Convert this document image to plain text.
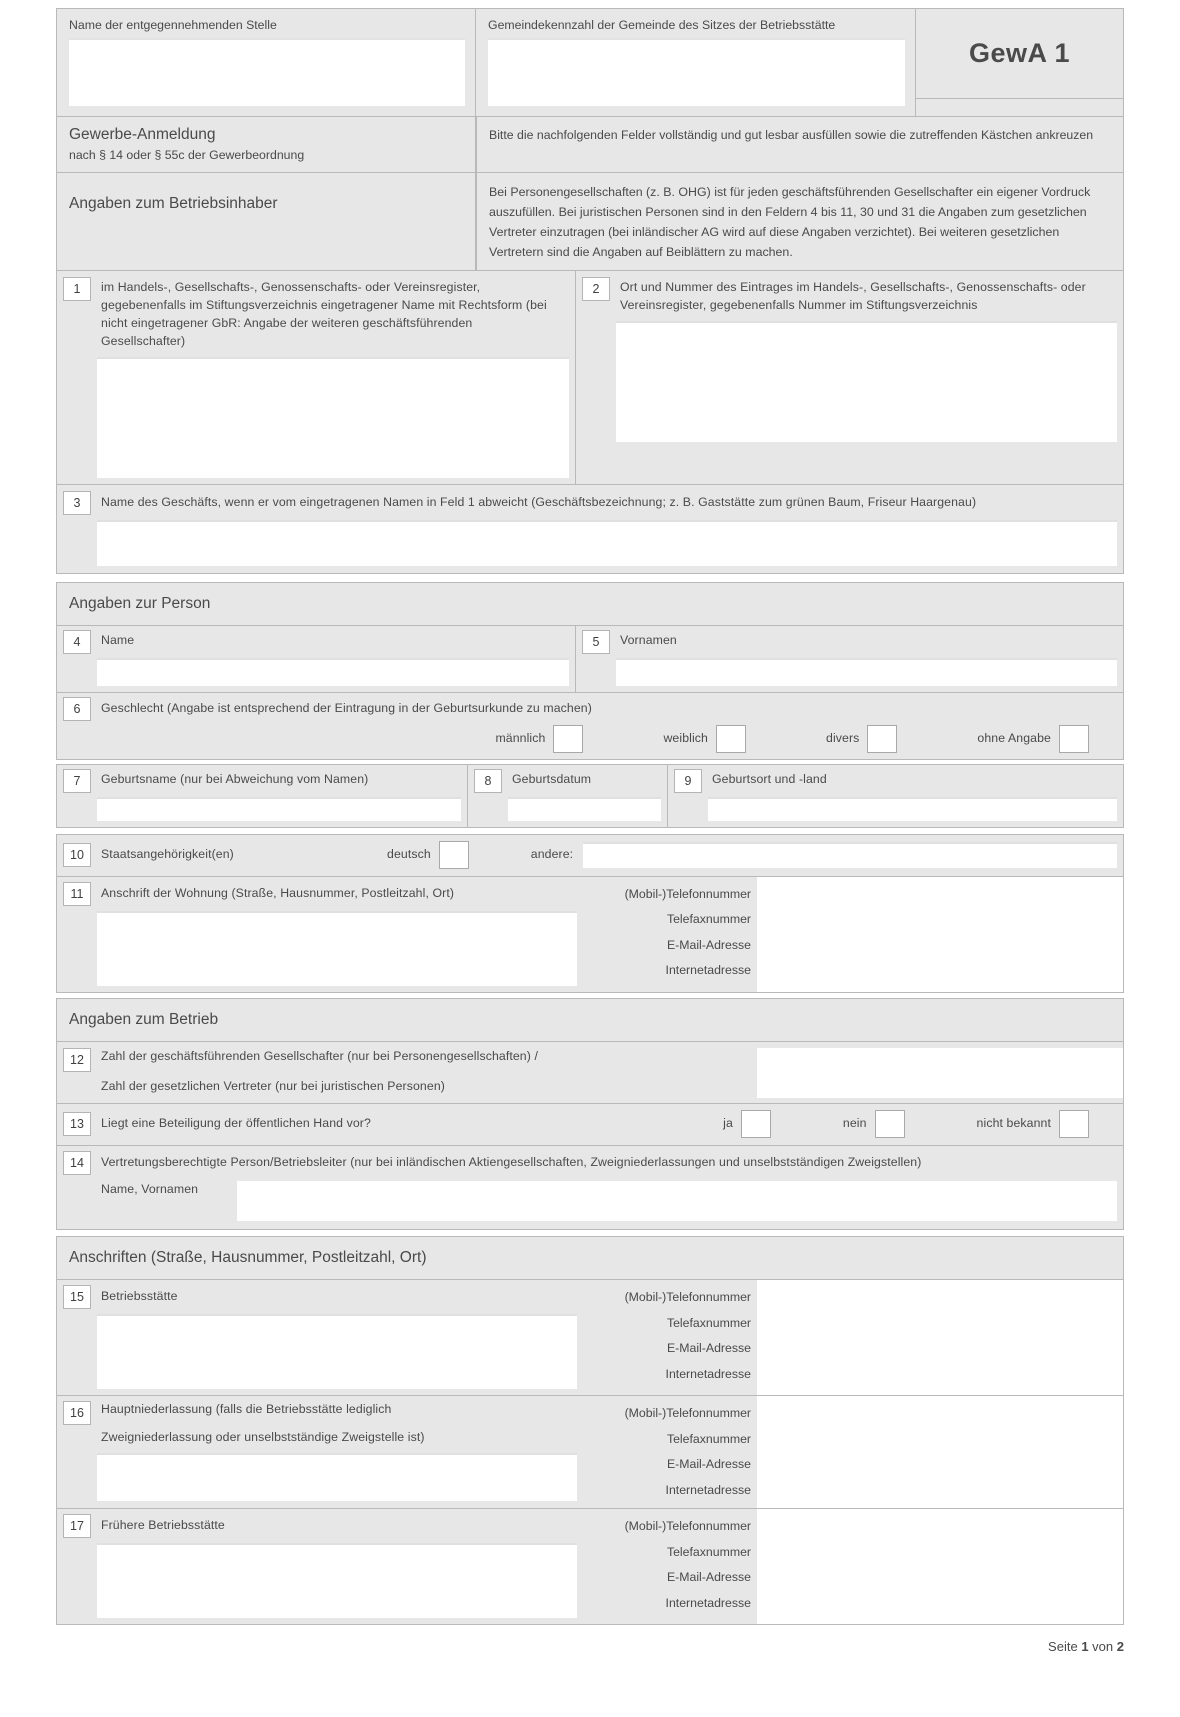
Name der entgegennehmenden Stelle	Gemeindekennzahl der Gemeinde des Sitzes der Betriebsstätte
GewA 1
Gewerbe-Anmeldung
nach § 14 oder § 55c der Gewerbeordnung
Bitte die nachfolgenden Felder vollständig und gut lesbar ausfüllen sowie die zutreffenden Kästchen ankreuzen
Angaben zum Betriebsinhaber
Bei Personengesellschaften (z. B. OHG) ist für jeden geschäftsführenden Gesellschafter ein eigener Vordruck auszufüllen. Bei juristischen Personen sind in den Feldern 4 bis 11, 30 und 31 die Angaben zum gesetzlichen Vertreter einzutragen (bei inländischer AG wird auf diese Angaben verzichtet). Bei weiteren gesetzlichen Vertretern sind die Angaben auf Beiblättern zu machen.
1	im Handels-, Gesellschafts-, Genossenschafts- oder Vereinsregister, gegebenenfalls im Stiftungsverzeichnis eingetragener Name mit Rechtsform (bei nicht eingetragener GbR: Angabe der weiteren geschäftsführenden Gesellschafter)
2	Ort und Nummer des Eintrages im Handels-, Gesellschafts-, Genossenschafts- oder Vereinsregister, gegebenenfalls Nummer im Stiftungsverzeichnis
3	Name des Geschäfts, wenn er vom eingetragenen Namen in Feld 1 abweicht (Geschäftsbezeichnung; z. B. Gaststätte zum grünen Baum, Friseur Haargenau)
Angaben zur Person
4	Name	5	Vornamen
6	Geschlecht (Angabe ist entsprechend der Eintragung in der Geburtsurkunde zu machen)
männlich	weiblich	divers	ohne Angabe
7	Geburtsname (nur bei Abweichung vom Namen)	8	Geburtsdatum	9	Geburtsort und -land
10	Staatsangehörigkeit(en)	deutsch	andere:
11	Anschrift der Wohnung (Straße, Hausnummer, Postleitzahl, Ort)	(Mobil-)Telefonnummer
Telefaxnummer
E-Mail-Adresse
Internetadresse
Angaben zum Betrieb
12	Zahl der geschäftsführenden Gesellschafter (nur bei Personengesellschaften) /
Zahl der gesetzlichen Vertreter (nur bei juristischen Personen)
13	Liegt eine Beteiligung der öffentlichen Hand vor?	ja	nein	nicht bekannt
14	Vertretungsberechtigte Person/Betriebsleiter (nur bei inländischen Aktiengesellschaften, Zweigniederlassungen und unselbstständigen Zweigstellen)
Name, Vornamen
Anschriften (Straße, Hausnummer, Postleitzahl, Ort)
15	Betriebsstätte	(Mobil-)Telefonnummer
Telefaxnummer
E-Mail-Adresse
Internetadresse
16	Hauptniederlassung (falls die Betriebsstätte lediglich
Zweigniederlassung oder unselbstständige Zweigstelle ist)
(Mobil-)Telefonnummer
Telefaxnummer
E-Mail-Adresse
Internetadresse
17	Frühere Betriebsstätte	(Mobil-)Telefonnummer
Telefaxnummer
E-Mail-Adresse
Internetadresse
Seite 1 von 2
